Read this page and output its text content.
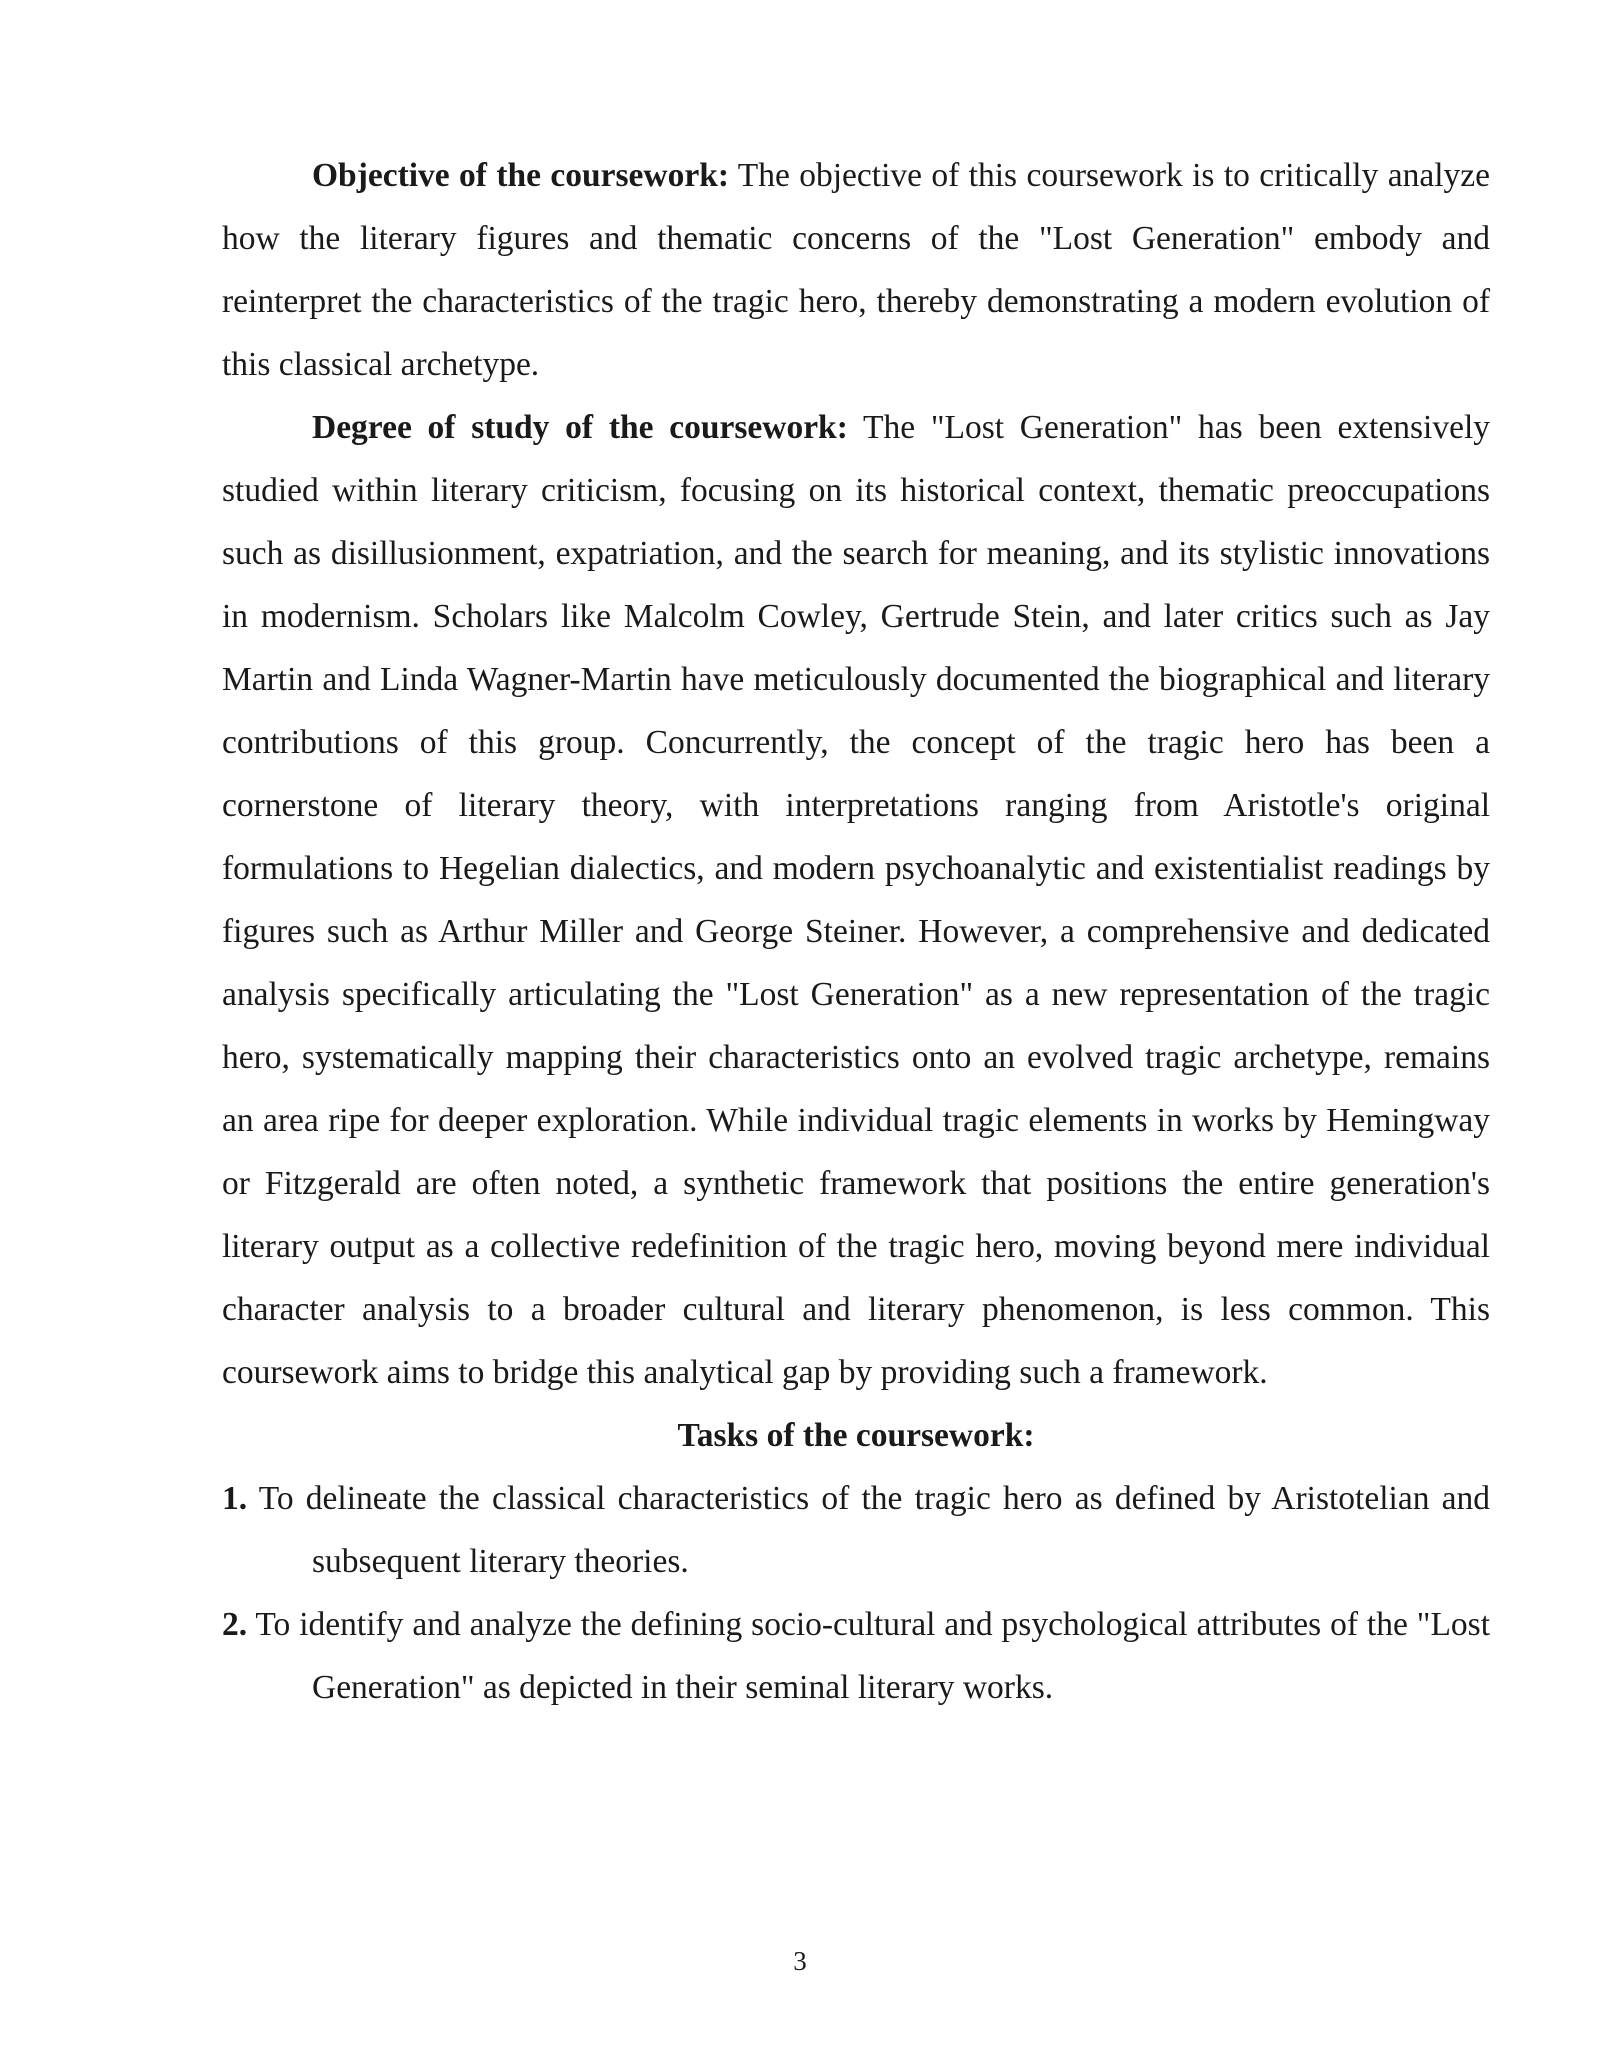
Objective of the coursework: The objective of this coursework is to critically analyze how the literary figures and thematic concerns of the "Lost Generation" embody and reinterpret the characteristics of the tragic hero, thereby demonstrating a modern evolution of this classical archetype.

Degree of study of the coursework: The "Lost Generation" has been extensively studied within literary criticism, focusing on its historical context, thematic preoccupations such as disillusionment, expatriation, and the search for meaning, and its stylistic innovations in modernism. Scholars like Malcolm Cowley, Gertrude Stein, and later critics such as Jay Martin and Linda Wagner-Martin have meticulously documented the biographical and literary contributions of this group. Concurrently, the concept of the tragic hero has been a cornerstone of literary theory, with interpretations ranging from Aristotle's original formulations to Hegelian dialectics, and modern psychoanalytic and existentialist readings by figures such as Arthur Miller and George Steiner. However, a comprehensive and dedicated analysis specifically articulating the "Lost Generation" as a new representation of the tragic hero, systematically mapping their characteristics onto an evolved tragic archetype, remains an area ripe for deeper exploration. While individual tragic elements in works by Hemingway or Fitzgerald are often noted, a synthetic framework that positions the entire generation's literary output as a collective redefinition of the tragic hero, moving beyond mere individual character analysis to a broader cultural and literary phenomenon, is less common. This coursework aims to bridge this analytical gap by providing such a framework.

Tasks of the coursework:

1. To delineate the classical characteristics of the tragic hero as defined by Aristotelian and subsequent literary theories.

2. To identify and analyze the defining socio-cultural and psychological attributes of the "Lost Generation" as depicted in their seminal literary works.

3
